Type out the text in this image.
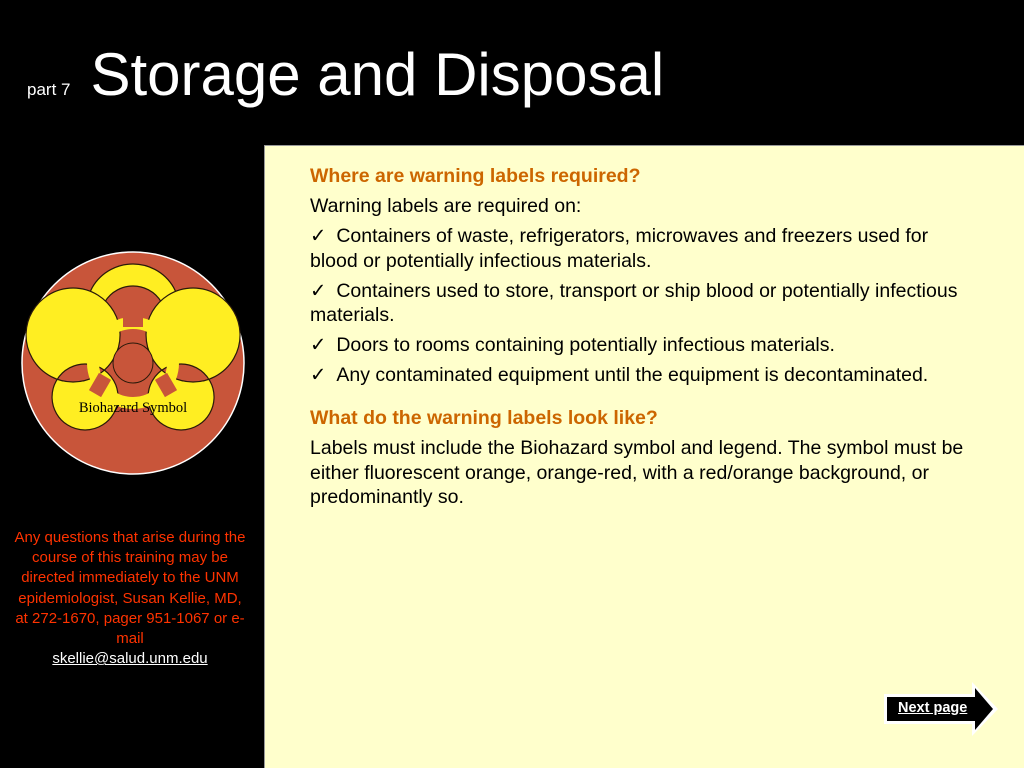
part 7 Storage and Disposal
Biohazard Symbol
Any questions that arise during the course of this training may be directed immediately to the UNM epidemiologist, Susan Kellie, MD, at 272-1670, pager 951-1067 or e-mail
skellie@salud.unm.edu

Where are warning labels required?

Warning labels are required on:

✓ Containers of waste, refrigerators, microwaves and freezers used for blood or potentially infectious materials.

✓ Containers used to store, transport or ship blood or potentially infectious materials.

✓ Doors to rooms containing potentially infectious materials.

✓ Any contaminated equipment until the equipment is decontaminated.

What do the warning labels look like?

Labels must include the Biohazard symbol and legend. The symbol must be either fluorescent orange, orange-red, with a red/orange background, or predominantly so.

Next page
